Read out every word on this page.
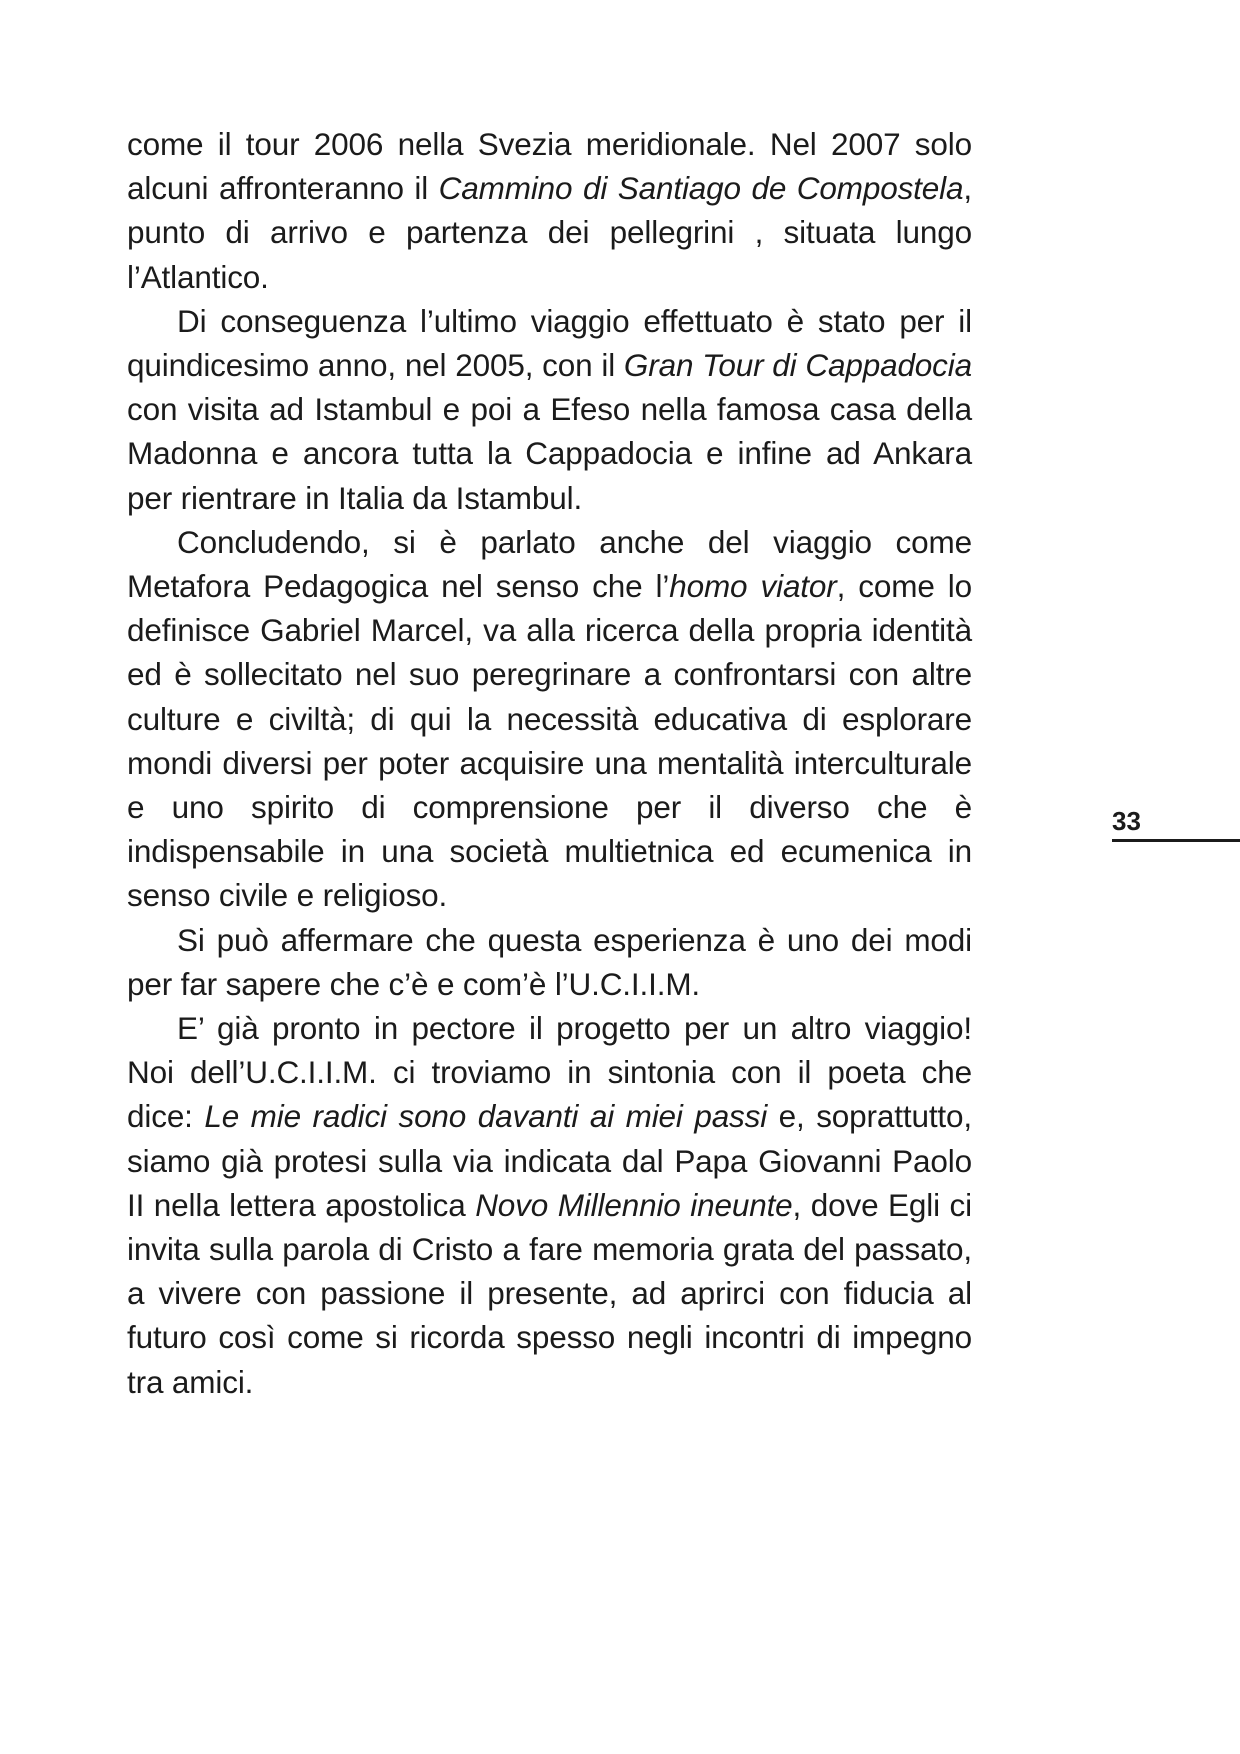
come il tour 2006 nella Svezia meridionale. Nel 2007 solo alcuni affronteranno il Cammino di Santiago de Compostela, punto di arrivo e partenza dei pellegrini , situata lungo l’Atlantico.

Di conseguenza l’ultimo viaggio effettuato è stato per il quindicesimo anno, nel 2005, con il Gran Tour di Cappadocia con visita ad Istambul e poi a Efeso nella famosa casa della Madonna e ancora tutta la Cappadocia e infine ad Ankara per rientrare in Italia da Istambul.

Concludendo, si è parlato anche del viaggio come Metafora Pedagogica nel senso che l’homo viator, come lo definisce Gabriel Marcel, va alla ricerca della propria identità ed è sollecitato nel suo peregrinare a confrontarsi con altre culture e civiltà; di qui la necessità educativa di esplorare mondi diversi per poter acquisire una mentalità interculturale e uno spirito di comprensione per il diverso che è indispensabile in una società multietnica ed ecumenica in senso civile e religioso.

Si può affermare che questa esperienza è uno dei modi per far sapere che c’è e com’è l’U.C.I.I.M.

E’ già pronto in pectore il progetto per un altro viaggio! Noi dell’U.C.I.I.M. ci troviamo in sintonia con il poeta che dice: Le mie radici sono davanti ai miei passi e, soprattutto, siamo già protesi sulla via indicata dal Papa Giovanni Paolo II nella lettera apostolica Novo Millennio ineunte, dove Egli ci invita sulla parola di Cristo a fare memoria grata del passato, a vivere con passione il presente, ad aprirci con fiducia al futuro così come si ricorda spesso negli incontri di impegno tra amici.

33
